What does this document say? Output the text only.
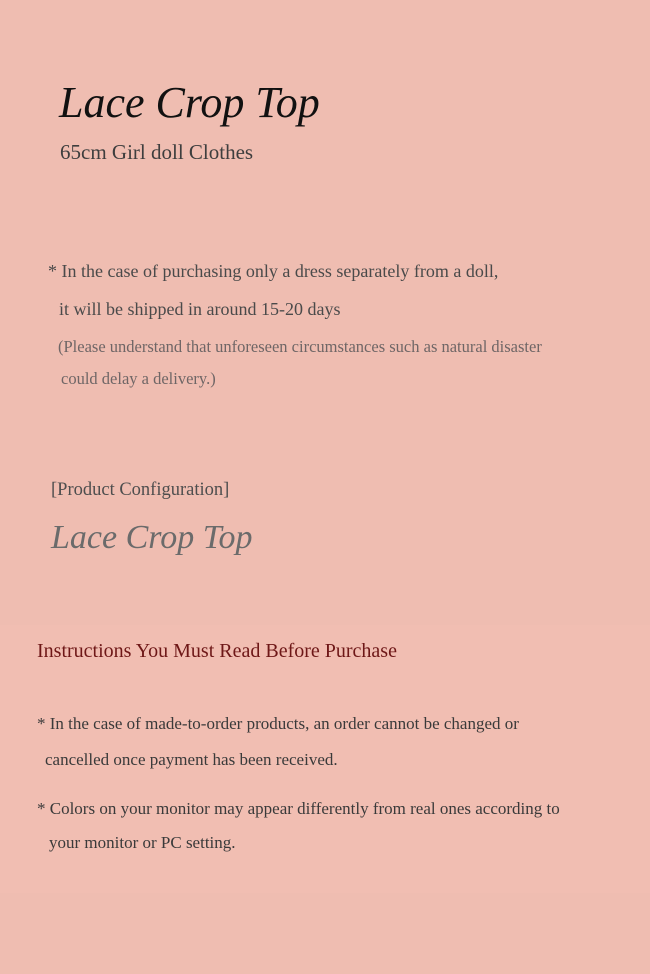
Lace Crop Top
65cm Girl doll Clothes
* In the case of purchasing only a dress separately from a doll,
it will be shipped in around 15-20 days
(Please understand that unforeseen circumstances such as natural disaster
could delay a delivery.)
[Product Configuration]
Lace Crop Top
Instructions You Must Read Before Purchase
* In the case of made-to-order products, an order cannot be changed or
cancelled once payment has been received.
* Colors on your monitor may appear differently from real ones according to
your monitor or PC setting.
